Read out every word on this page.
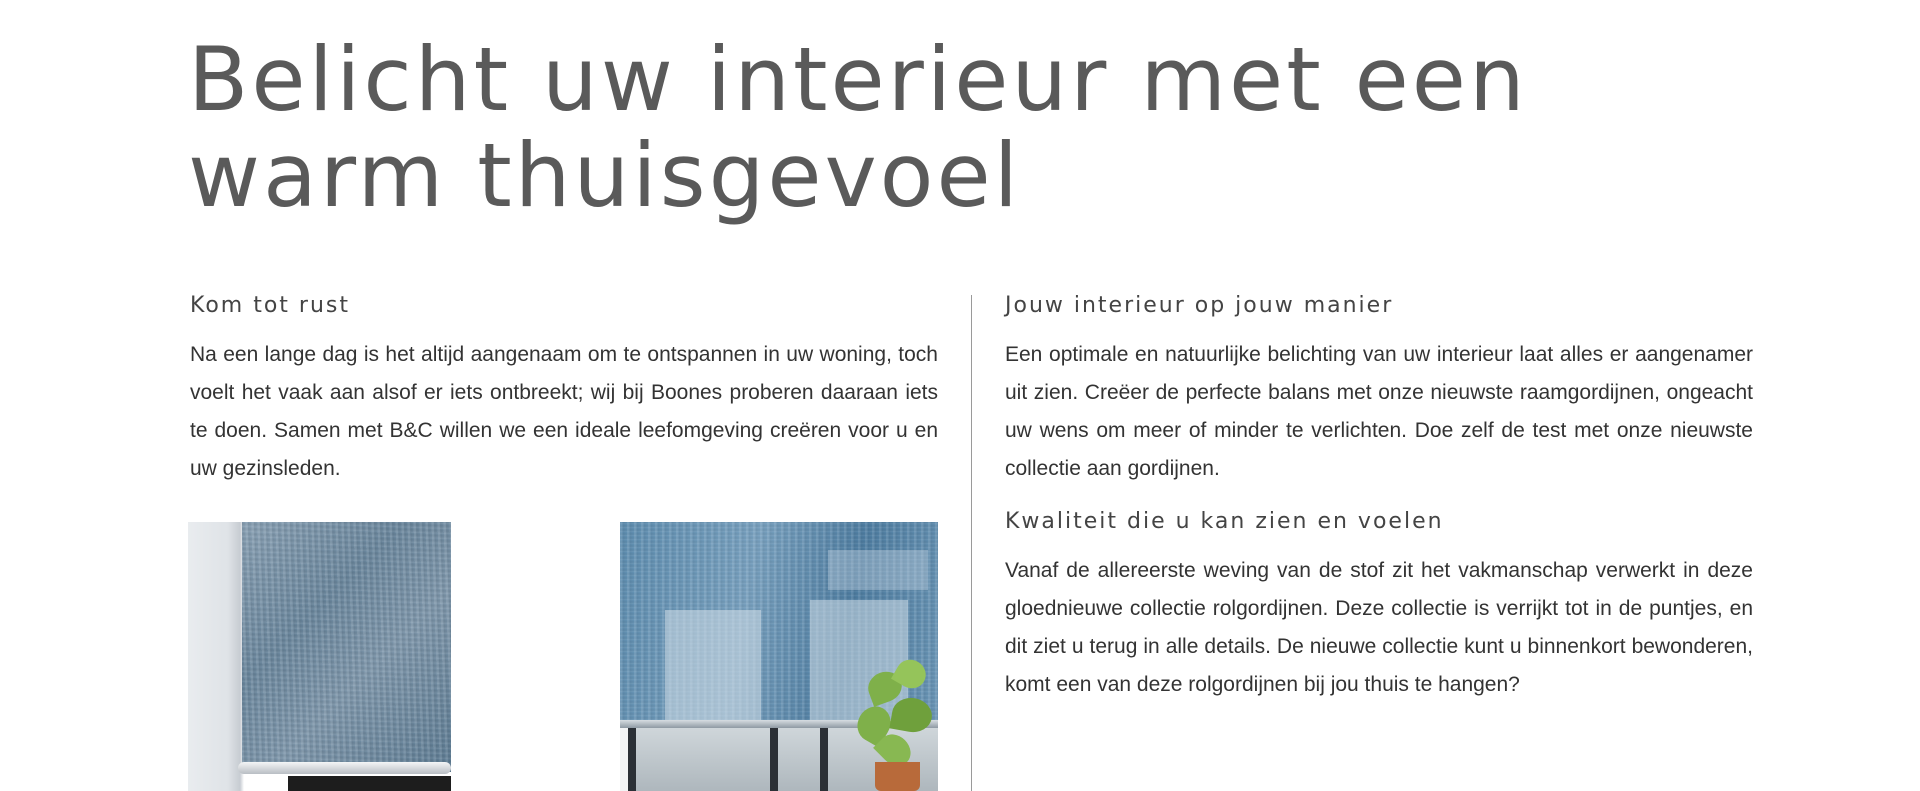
Belicht uw interieur met een warm thuisgevoel
Kom tot rust

Na een lange dag is het altijd aangenaam om te ontspannen in uw woning, toch voelt het vaak aan alsof er iets ontbreekt; wij bij Boones proberen daaraan iets te doen. Samen met B&C willen we een ideale leefomgeving creëren voor u en uw gezinsleden.

Jouw interieur op jouw manier

Een optimale en natuurlijke belichting van uw interieur laat alles er aangenamer uit zien. Creëer de perfecte balans met onze nieuwste raamgordijnen, ongeacht uw wens om meer of minder te verlichten. Doe zelf de test met onze nieuwste collectie aan gordijnen.

Kwaliteit die u kan zien en voelen

Vanaf de allereerste weving van de stof zit het vakmanschap verwerkt in deze gloednieuwe collectie rolgordijnen. Deze collectie is verrijkt tot in de puntjes, en dit ziet u terug in alle details. De nieuwe collectie kunt u binnenkort bewonderen, komt een van deze rolgordijnen bij jou thuis te hangen?
